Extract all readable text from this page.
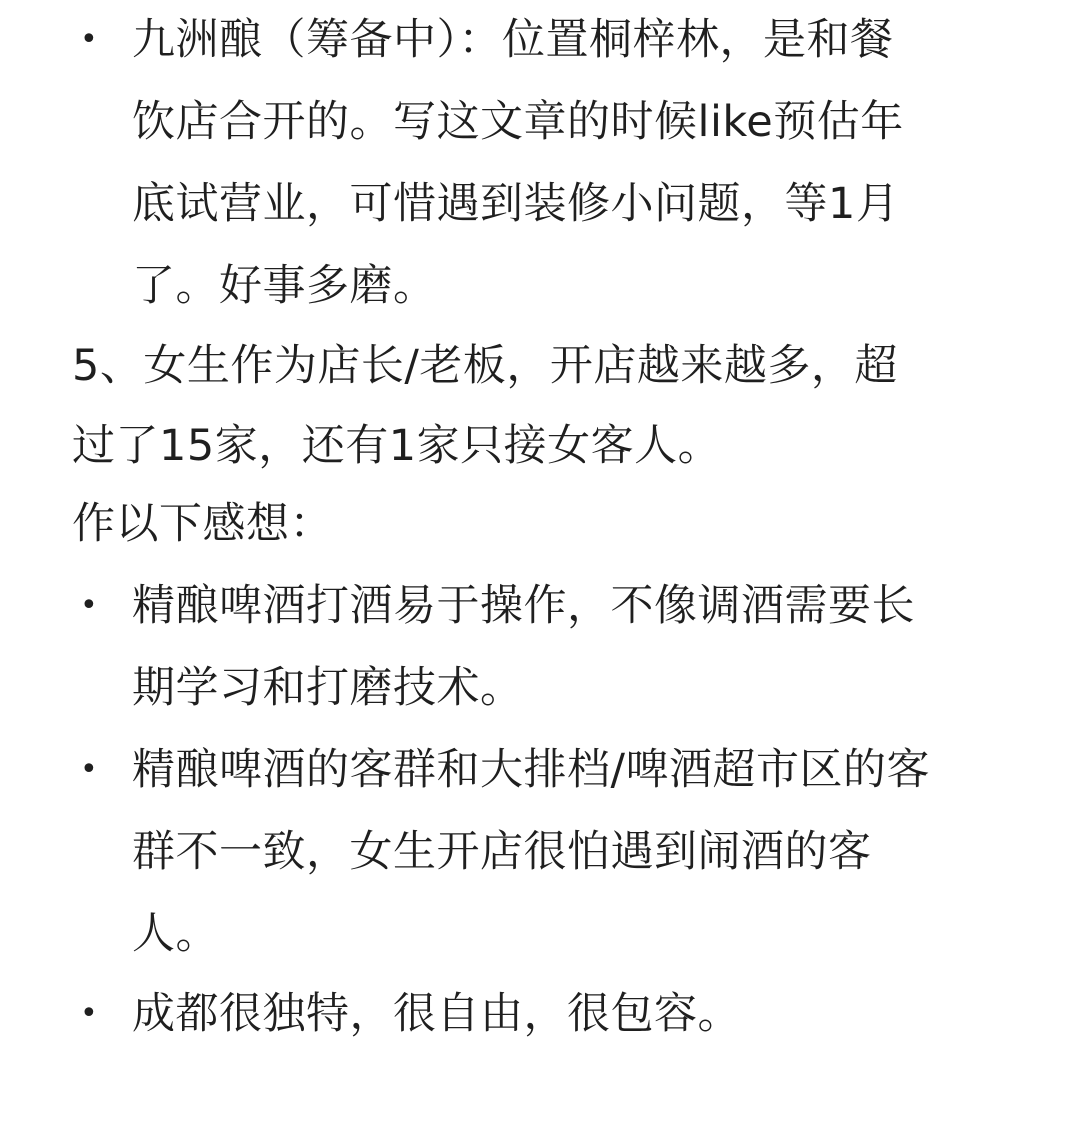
• 九洲酿（筹备中）：位置桐梓林，是和餐
饮店合开的。写这文章的时候like预估年
底试营业，可惜遇到装修小问题，等1月
了。好事多磨。
5、女生作为店长/老板，开店越来越多，超
过了15家，还有1家只接女客人。
作以下感想：
• 精酿啤酒打酒易于操作，不像调酒需要长
期学习和打磨技术。
• 精酿啤酒的客群和大排档/啤酒超市区的客
群不一致，女生开店很怕遇到闹酒的客
人。
• 成都很独特，很自由，很包容。
